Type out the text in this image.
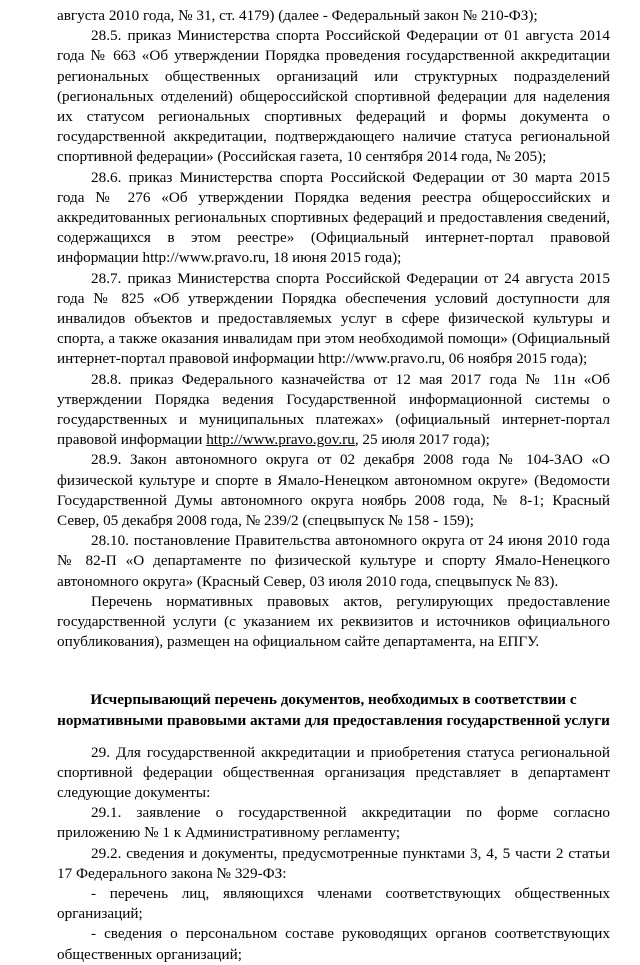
августа 2010 года, № 31, ст. 4179) (далее - Федеральный закон № 210-ФЗ);

28.5. приказ Министерства спорта Российской Федерации от 01 августа 2014 года № 663 «Об утверждении Порядка проведения государственной аккредитации региональных общественных организаций или структурных подразделений (региональных отделений) общероссийской спортивной федерации для наделения их статусом региональных спортивных федераций и формы документа о государственной аккредитации, подтверждающего наличие статуса региональной спортивной федерации» (Российская газета, 10 сентября 2014 года, № 205);

28.6. приказ Министерства спорта Российской Федерации от 30 марта 2015 года № 276 «Об утверждении Порядка ведения реестра общероссийских и аккредитованных региональных спортивных федераций и предоставления сведений, содержащихся в этом реестре» (Официальный интернет-портал правовой информации http://www.pravo.ru, 18 июня 2015 года);

28.7. приказ Министерства спорта Российской Федерации от 24 августа 2015 года № 825 «Об утверждении Порядка обеспечения условий доступности для инвалидов объектов и предоставляемых услуг в сфере физической культуры и спорта, а также оказания инвалидам при этом необходимой помощи» (Официальный интернет-портал правовой информации http://www.pravo.ru, 06 ноября 2015 года);

28.8. приказ Федерального казначейства от 12 мая 2017 года № 11н «Об утверждении Порядка ведения Государственной информационной системы о государственных и муниципальных платежах» (официальный интернет-портал правовой информации http://www.pravo.gov.ru, 25 июля 2017 года);

28.9. Закон автономного округа от 02 декабря 2008 года № 104-ЗАО «О физической культуре и спорте в Ямало-Ненецком автономном округе» (Ведомости Государственной Думы автономного округа ноябрь 2008 года, № 8-1; Красный Север, 05 декабря 2008 года, № 239/2 (спецвыпуск № 158 - 159);

28.10. постановление Правительства автономного округа от 24 июня 2010 года № 82-П «О департаменте по физической культуре и спорту Ямало-Ненецкого автономного округа» (Красный Север, 03 июля 2010 года, спецвыпуск № 83).

Перечень нормативных правовых актов, регулирующих предоставление государственной услуги (с указанием их реквизитов и источников официального опубликования), размещен на официальном сайте департамента, на ЕПГУ.

Исчерпывающий перечень документов, необходимых в соответствии с нормативными правовыми актами для предоставления государственной услуги

29. Для государственной аккредитации и приобретения статуса региональной спортивной федерации общественная организация представляет в департамент следующие документы:

29.1. заявление о государственной аккредитации по форме согласно приложению № 1 к Административному регламенту;

29.2. сведения и документы, предусмотренные пунктами 3, 4, 5 части 2 статьи 17 Федерального закона № 329-ФЗ:

- перечень лиц, являющихся членами соответствующих общественных организаций;

- сведения о персональном составе руководящих органов соответствующих общественных организаций;
